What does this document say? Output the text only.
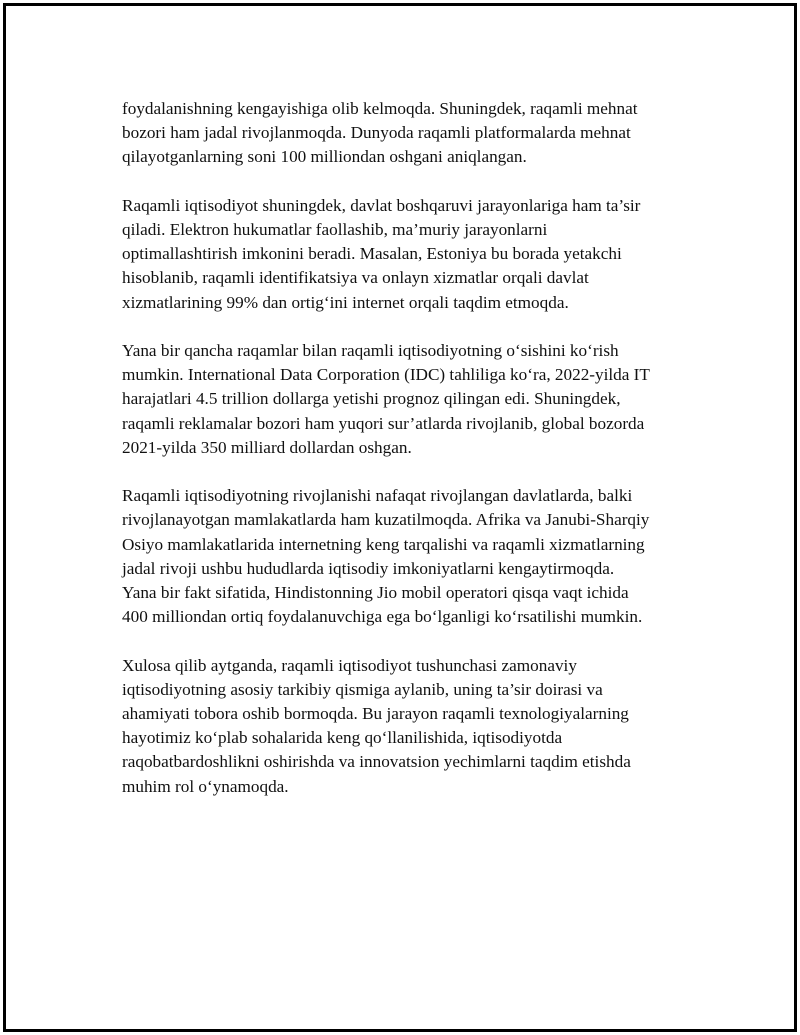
foydalanishning kengayishiga olib kelmoqda. Shuningdek, raqamli mehnat
bozori ham jadal rivojlanmoqda. Dunyoda raqamli platformalarda mehnat
qilayotganlarning soni 100 milliondan oshgani aniqlangan.

Raqamli iqtisodiyot shuningdek, davlat boshqaruvi jarayonlariga ham ta’sir
qiladi. Elektron hukumatlar faollashib, ma’muriy jarayonlarni
optimallashtirish imkonini beradi. Masalan, Estoniya bu borada yetakchi
hisoblanib, raqamli identifikatsiya va onlayn xizmatlar orqali davlat
xizmatlarining 99% dan ortig‘ini internet orqali taqdim etmoqda.

Yana bir qancha raqamlar bilan raqamli iqtisodiyotning o‘sishini ko‘rish
mumkin. International Data Corporation (IDC) tahliliga ko‘ra, 2022-yilda IT
harajatlari 4.5 trillion dollarga yetishi prognoz qilingan edi. Shuningdek,
raqamli reklamalar bozori ham yuqori sur’atlarda rivojlanib, global bozorda
2021-yilda 350 milliard dollardan oshgan.

Raqamli iqtisodiyotning rivojlanishi nafaqat rivojlangan davlatlarda, balki
rivojlanayotgan mamlakatlarda ham kuzatilmoqda. Afrika va Janubi-Sharqiy
Osiyo mamlakatlarida internetning keng tarqalishi va raqamli xizmatlarning
jadal rivoji ushbu hududlarda iqtisodiy imkoniyatlarni kengaytirmoqda.
Yana bir fakt sifatida, Hindistonning Jio mobil operatori qisqa vaqt ichida
400 milliondan ortiq foydalanuvchiga ega bo‘lganligi ko‘rsatilishi mumkin.

Xulosa qilib aytganda, raqamli iqtisodiyot tushunchasi zamonaviy
iqtisodiyotning asosiy tarkibiy qismiga aylanib, uning ta’sir doirasi va
ahamiyati tobora oshib bormoqda. Bu jarayon raqamli texnologiyalarning
hayotimiz ko‘plab sohalarida keng qo‘llanilishida, iqtisodiyotda
raqobatbardoshlikni oshirishda va innovatsion yechimlarni taqdim etishda
muhim rol o‘ynamoqda.
